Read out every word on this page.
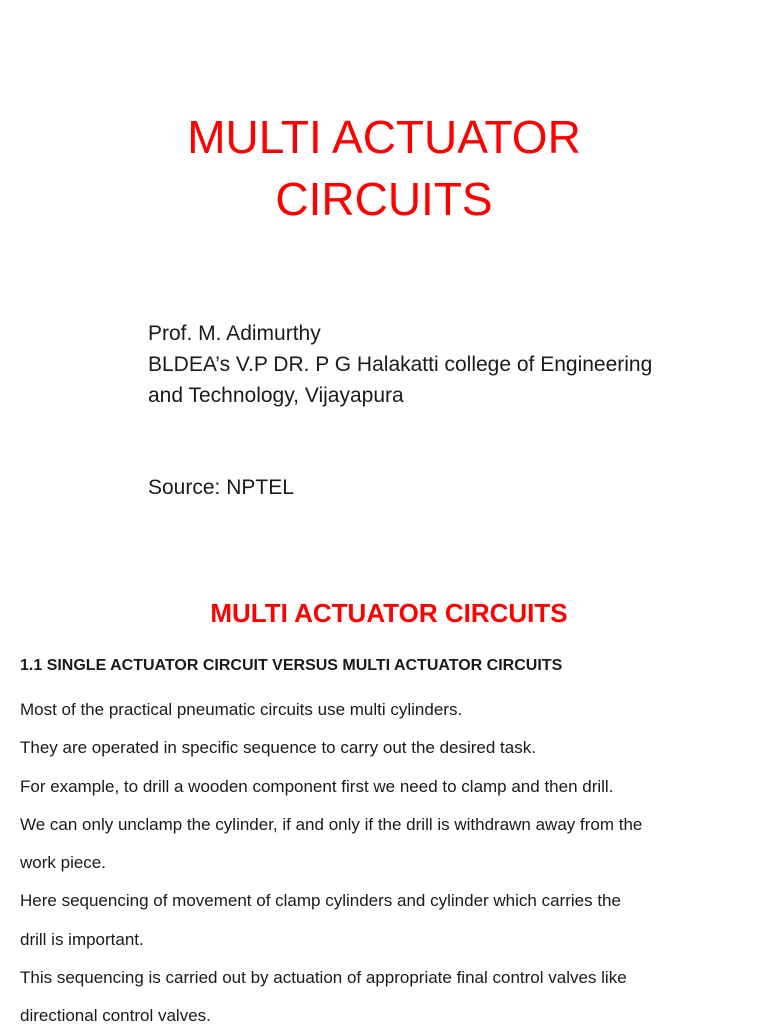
MULTI ACTUATOR
CIRCUITS
Prof. M. Adimurthy
BLDEA’s V.P DR. P G Halakatti college of Engineering
and Technology, Vijayapura
Source: NPTEL
MULTI ACTUATOR CIRCUITS
1.1 SINGLE ACTUATOR CIRCUIT VERSUS MULTI ACTUATOR CIRCUITS
Most of the practical pneumatic circuits use multi cylinders.
They are operated in specific sequence to carry out the desired task.
For example, to drill a wooden component first we need to clamp and then drill.
We can only unclamp the cylinder, if and only if the drill is withdrawn away from the
work piece.
Here sequencing of movement of clamp cylinders and cylinder which carries the
drill is important.
This sequencing is carried out by actuation of appropriate final control valves like
directional control valves.
